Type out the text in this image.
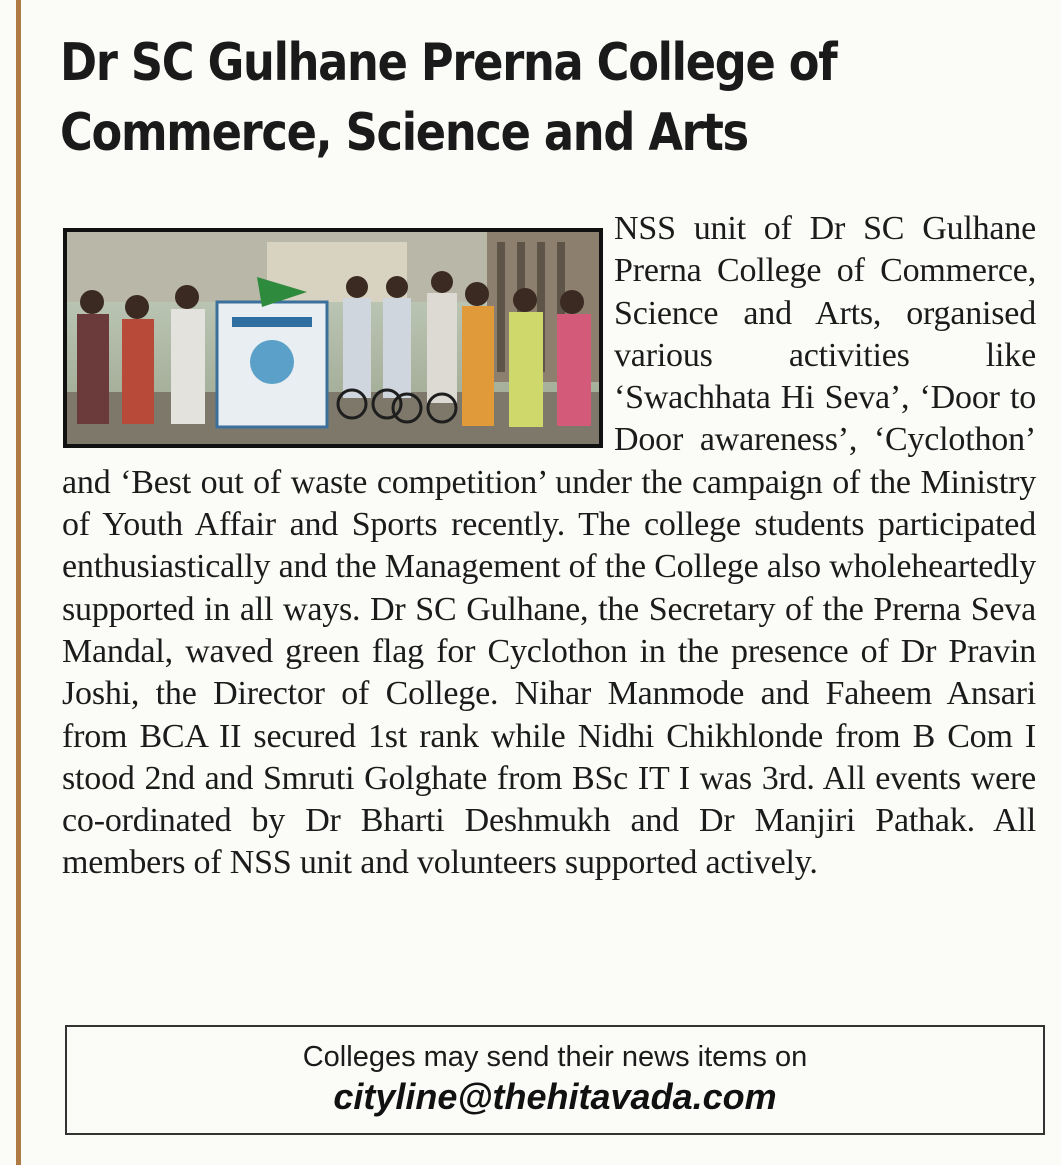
Dr SC Gulhane Prerna College of Commerce, Science and Arts

NSS unit of Dr SC Gulhane Prerna College of Commerce, Science and Arts, organised various activities like ‘Swachhata Hi Seva’, ‘Door to Door awareness’, ‘Cyclothon’ and ‘Best out of waste competition’ under the campaign of the Ministry of Youth Affair and Sports recently. The college students participated enthusiastically and the Management of the College also wholeheartedly supported in all ways. Dr SC Gulhane, the Secretary of the Prerna Seva Mandal, waved green flag for Cyclothon in the presence of Dr Pravin Joshi, the Director of College. Nihar Manmode and Faheem Ansari from BCA II secured 1st rank while Nidhi Chikhlonde from B Com I stood 2nd and Smruti Golghate from BSc IT I was 3rd. All events were co-ordinated by Dr Bharti Deshmukh and Dr Manjiri Pathak. All members of NSS unit and volunteers supported actively.

Colleges may send their news items on
cityline@thehitavada.com
